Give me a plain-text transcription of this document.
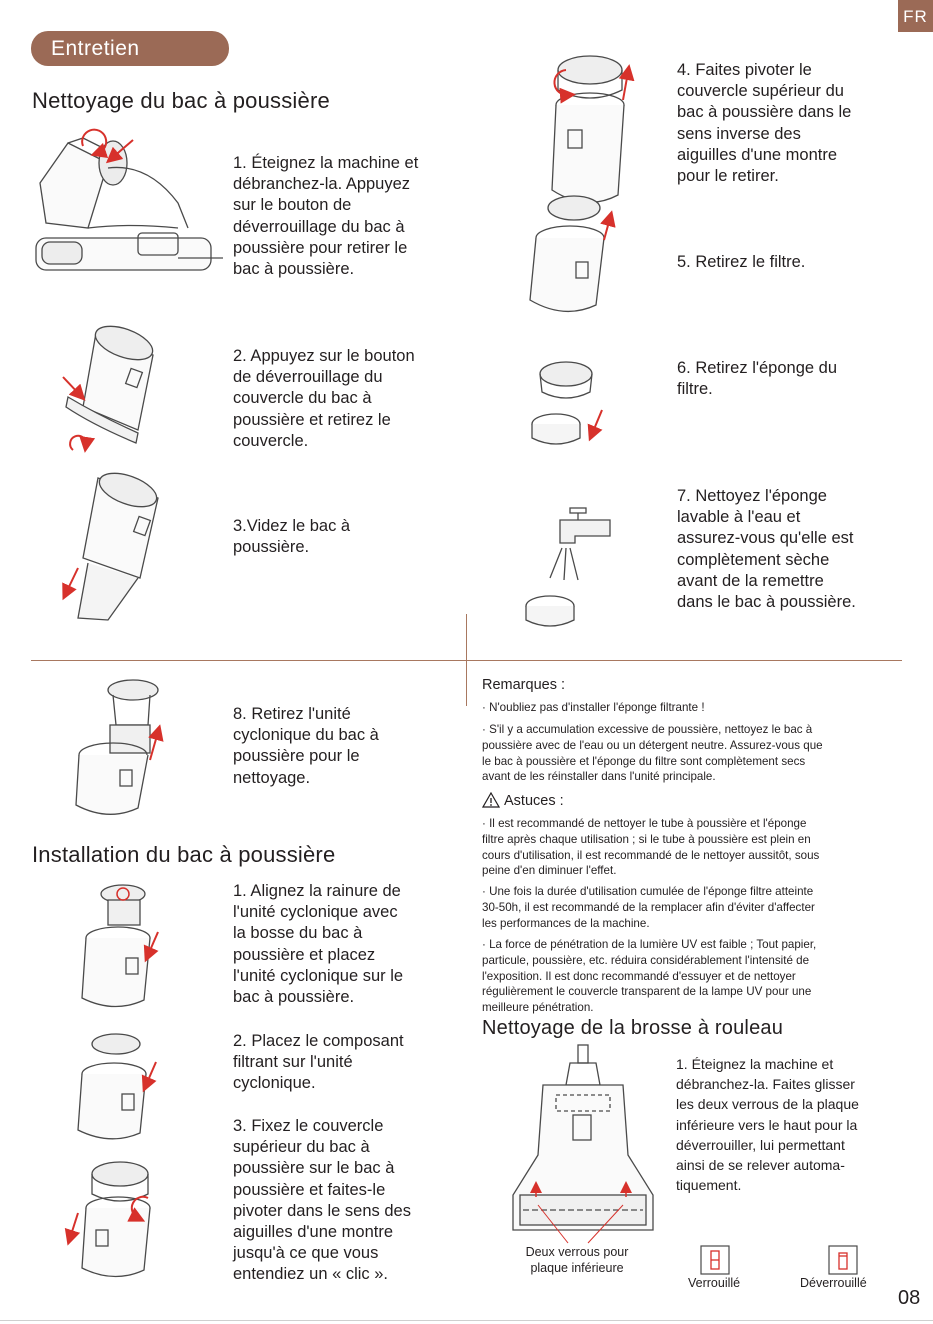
FR
Entretien
Nettoyage du bac à poussière
1. Éteignez la machine et
débranchez-la. Appuyez
sur le bouton de
déverrouillage du bac à
poussière pour retirer le
bac à poussière.
2. Appuyez sur le bouton
de déverrouillage du
couvercle du bac à
poussière et retirez le
couvercle.
3.Videz le bac à
poussière.
4. Faites pivoter le
couvercle supérieur du
bac à poussière dans le
sens inverse des
aiguilles d'une montre
pour le retirer.
5. Retirez le filtre.
6. Retirez l'éponge du
filtre.
7. Nettoyez l'éponge
lavable à l'eau et
assurez-vous qu'elle est
complètement sèche
avant de la remettre
dans le bac à poussière.
8. Retirez l'unité
cyclonique du bac à
poussière pour le
nettoyage.
Installation du bac à poussière
1. Alignez la rainure de
l'unité cyclonique avec
la bosse du bac à
poussière et placez
l'unité cyclonique sur le
bac à poussière.
2. Placez le composant
filtrant sur l'unité
cyclonique.
3. Fixez le couvercle
supérieur du bac à
poussière sur le bac à
poussière et faites-le
pivoter dans le sens des
aiguilles d'une montre
jusqu'à ce que vous
entendiez un « clic ».
Remarques :
· N'oubliez pas d'installer l'éponge filtrante !
· S'il y a accumulation excessive de poussière, nettoyez le bac à
poussière avec de l'eau ou un détergent neutre. Assurez-vous que
le bac à poussière et l'éponge du filtre sont complètement secs
avant de les réinstaller dans l'unité principale.
Astuces :
· Il est recommandé de nettoyer le tube à poussière et l'éponge
filtre après chaque utilisation ; si le tube à poussière est plein en
cours d'utilisation, il est recommandé de le nettoyer aussitôt, sous
peine d'en diminuer l'effet.
· Une fois la durée d'utilisation cumulée de l'éponge filtre atteinte
30-50h, il est recommandé de la remplacer afin d'éviter d'affecter
les performances de la machine.
· La force de pénétration de la lumière UV est faible ; Tout papier,
particule, poussière, etc. réduira considérablement l'intensité de
l'exposition. Il est donc recommandé d'essuyer et de nettoyer
régulièrement le couvercle transparent de la lampe UV pour une
meilleure pénétration.
Nettoyage de la brosse à rouleau
1. Éteignez la machine et
débranchez-la. Faites glisser
les deux verrous de la plaque
inférieure vers le haut pour la
déverrouiller, lui permettant
ainsi de se relever automa-
tiquement.
Deux verrous pour
plaque inférieure
Verrouillé	Déverrouillé
08
